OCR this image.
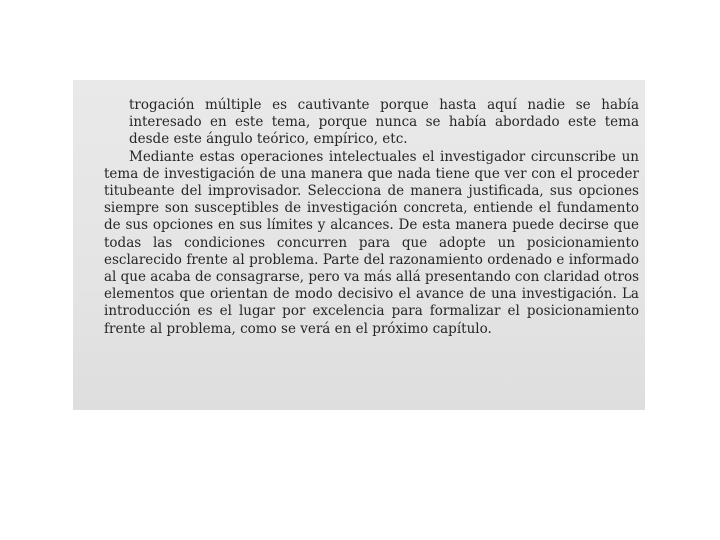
trogación múltiple es cautivante porque hasta aquí nadie se había interesado en este tema, porque nunca se había abordado este tema desde este ángulo teórico, empírico, etc.

Mediante estas operaciones intelectuales el investigador circunscribe un tema de investigación de una manera que nada tiene que ver con el proceder titubeante del improvisador. Selecciona de manera justificada, sus opciones siempre son susceptibles de investigación concreta, entiende el fundamento de sus opciones en sus límites y alcances. De esta manera puede decirse que todas las condiciones concurren para que adopte un posicionamiento esclarecido frente al problema. Parte del razonamiento ordenado e informado al que acaba de consagrarse, pero va más allá presentando con claridad otros elementos que orientan de modo decisivo el avance de una investigación. La introducción es el lugar por excelencia para formalizar el posicionamiento frente al problema, como se verá en el próximo capítulo.
